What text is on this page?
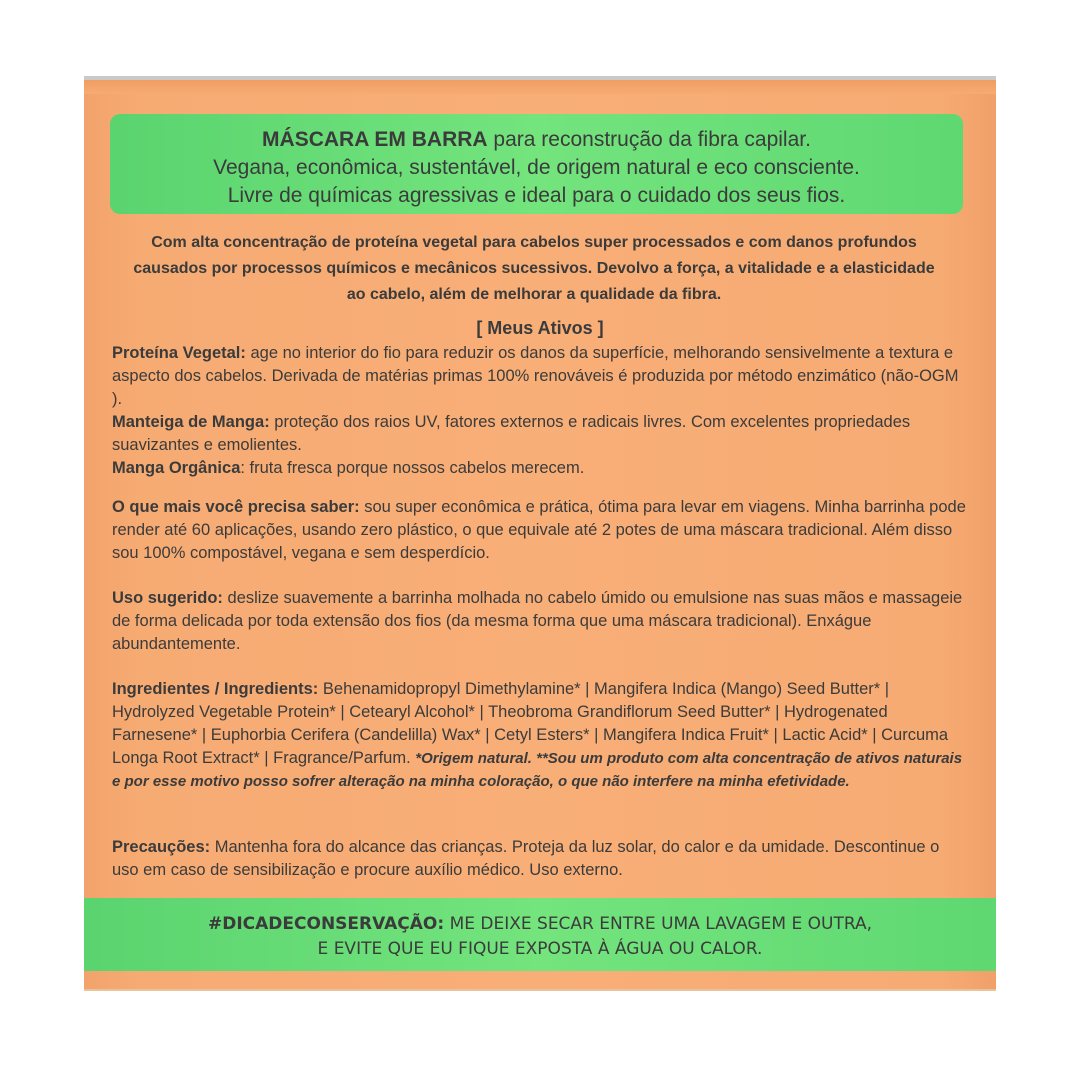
MÁSCARA EM BARRA para reconstrução da fibra capilar.
Vegana, econômica, sustentável, de origem natural e eco consciente.
Livre de químicas agressivas e ideal para o cuidado dos seus fios.
Com alta concentração de proteína vegetal para cabelos super processados e com danos profundos causados por processos químicos e mecânicos sucessivos. Devolvo a força, a vitalidade e a elasticidade ao cabelo, além de melhorar a qualidade da fibra.
[ Meus Ativos ]
Proteína Vegetal: age no interior do fio para reduzir os danos da superfície, melhorando sensivelmente a textura e aspecto dos cabelos. Derivada de matérias primas 100% renováveis é produzida por método enzimático (não-OGM ).
Manteiga de Manga: proteção dos raios UV, fatores externos e radicais livres. Com excelentes propriedades suavizantes e emolientes.
Manga Orgânica: fruta fresca porque nossos cabelos merecem.
O que mais você precisa saber: sou super econômica e prática, ótima para levar em viagens. Minha barrinha pode render até 60 aplicações, usando zero plástico, o que equivale até 2 potes de uma máscara tradicional. Além disso sou 100% compostável, vegana e sem desperdício.
Uso sugerido: deslize suavemente a barrinha molhada no cabelo úmido ou emulsione nas suas mãos e massageie de forma delicada por toda extensão dos fios (da mesma forma que uma máscara tradicional). Enxágue abundantemente.
Ingredientes / Ingredients: Behenamidopropyl Dimethylamine* | Mangifera Indica (Mango) Seed Butter* | Hydrolyzed Vegetable Protein* | Cetearyl Alcohol* | Theobroma Grandiflorum Seed Butter* | Hydrogenated Farnesene* | Euphorbia Cerifera (Candelilla) Wax* | Cetyl Esters* | Mangifera Indica Fruit* | Lactic Acid* | Curcuma Longa Root Extract* | Fragrance/Parfum. *Origem natural. **Sou um produto com alta concentração de ativos naturais e por esse motivo posso sofrer alteração na minha coloração, o que não interfere na minha efetividade.
Precauções: Mantenha fora do alcance das crianças. Proteja da luz solar, do calor e da umidade. Descontinue o uso em caso de sensibilização e procure auxílio médico. Uso externo.
#DICADECONSERVAÇÃO: ME DEIXE SECAR ENTRE UMA LAVAGEM E OUTRA,
E EVITE QUE EU FIQUE EXPOSTA À ÁGUA OU CALOR.
